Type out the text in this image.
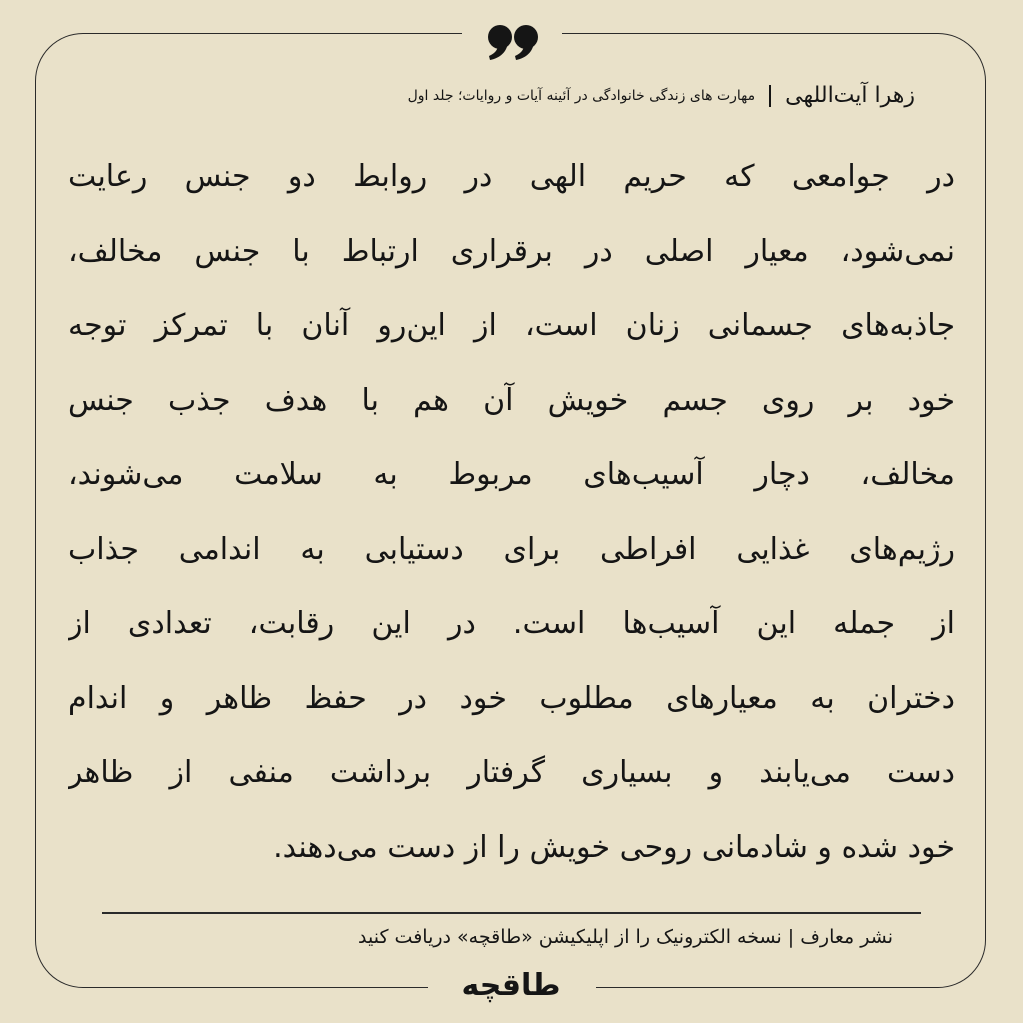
مهارت های زندگی خانوادگی در آئینه آیات و روایات؛ جلد اول زهرا آیت‌اللهی
در جوامعی که حریم الهی در روابط دو جنس رعایت
نمی‌شود، معیار اصلی در برقراری ارتباط با جنس مخالف،
جاذبه‌های جسمانی زنان است، از این‌رو آنان با تمرکز توجه
خود بر روی جسم خویش آن هم با هدف جذب جنس
مخالف، دچار آسیب‌های مربوط به سلامت می‌شوند،
رژیم‌های غذایی افراطی برای دستیابی به اندامی جذاب
از جمله این آسیب‌ها است. در این رقابت، تعدادی از
دختران به معیارهای مطلوب خود در حفظ ظاهر و اندام
دست می‌یابند و بسیاری گرفتار برداشت منفی از ظاهر
خود شده و شادمانی روحی خویش را از دست می‌دهند.
نشر معارف | نسخه الکترونیک را از اپلیکیشن «طاقچه» دریافت کنید
طاقچه
